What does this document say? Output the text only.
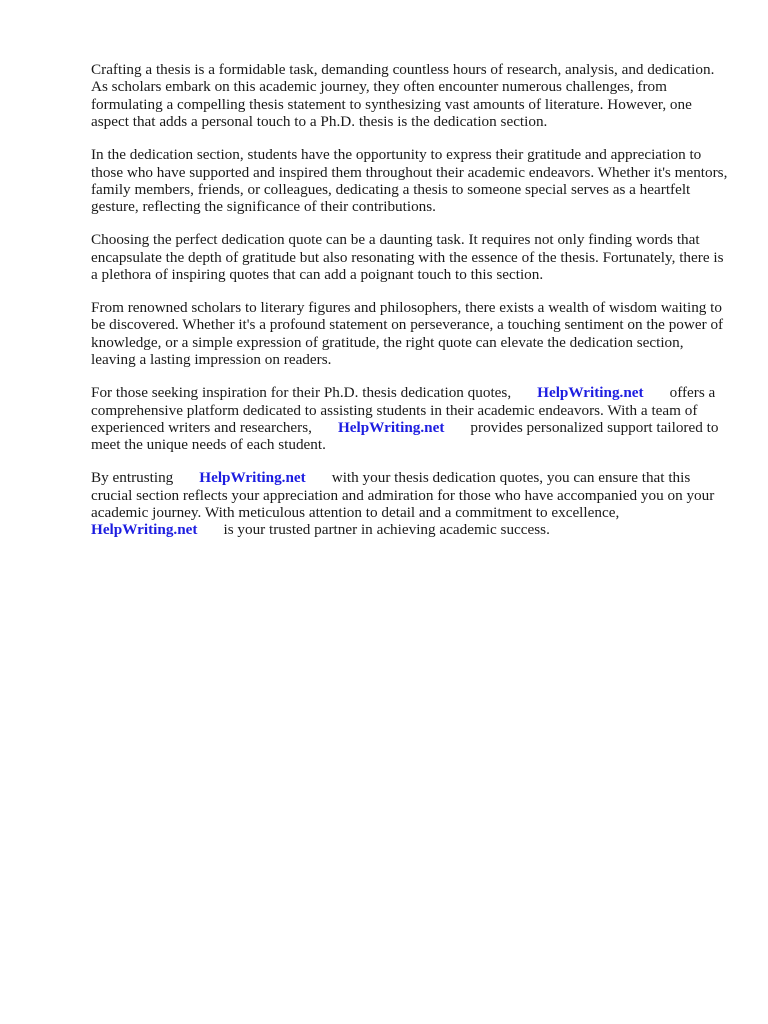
Crafting a thesis is a formidable task, demanding countless hours of research, analysis, and dedication. As scholars embark on this academic journey, they often encounter numerous challenges, from formulating a compelling thesis statement to synthesizing vast amounts of literature. However, one aspect that adds a personal touch to a Ph.D. thesis is the dedication section.

In the dedication section, students have the opportunity to express their gratitude and appreciation to those who have supported and inspired them throughout their academic endeavors. Whether it's mentors, family members, friends, or colleagues, dedicating a thesis to someone special serves as a heartfelt gesture, reflecting the significance of their contributions.

Choosing the perfect dedication quote can be a daunting task. It requires not only finding words that encapsulate the depth of gratitude but also resonating with the essence of the thesis. Fortunately, there is a plethora of inspiring quotes that can add a poignant touch to this section.

From renowned scholars to literary figures and philosophers, there exists a wealth of wisdom waiting to be discovered. Whether it's a profound statement on perseverance, a touching sentiment on the power of knowledge, or a simple expression of gratitude, the right quote can elevate the dedication section, leaving a lasting impression on readers.

For those seeking inspiration for their Ph.D. thesis dedication quotes, HelpWriting.net offers a comprehensive platform dedicated to assisting students in their academic endeavors. With a team of experienced writers and researchers, HelpWriting.net provides personalized support tailored to meet the unique needs of each student.

By entrusting HelpWriting.net with your thesis dedication quotes, you can ensure that this crucial section reflects your appreciation and admiration for those who have accompanied you on your academic journey. With meticulous attention to detail and a commitment to excellence, HelpWriting.net is your trusted partner in achieving academic success.
